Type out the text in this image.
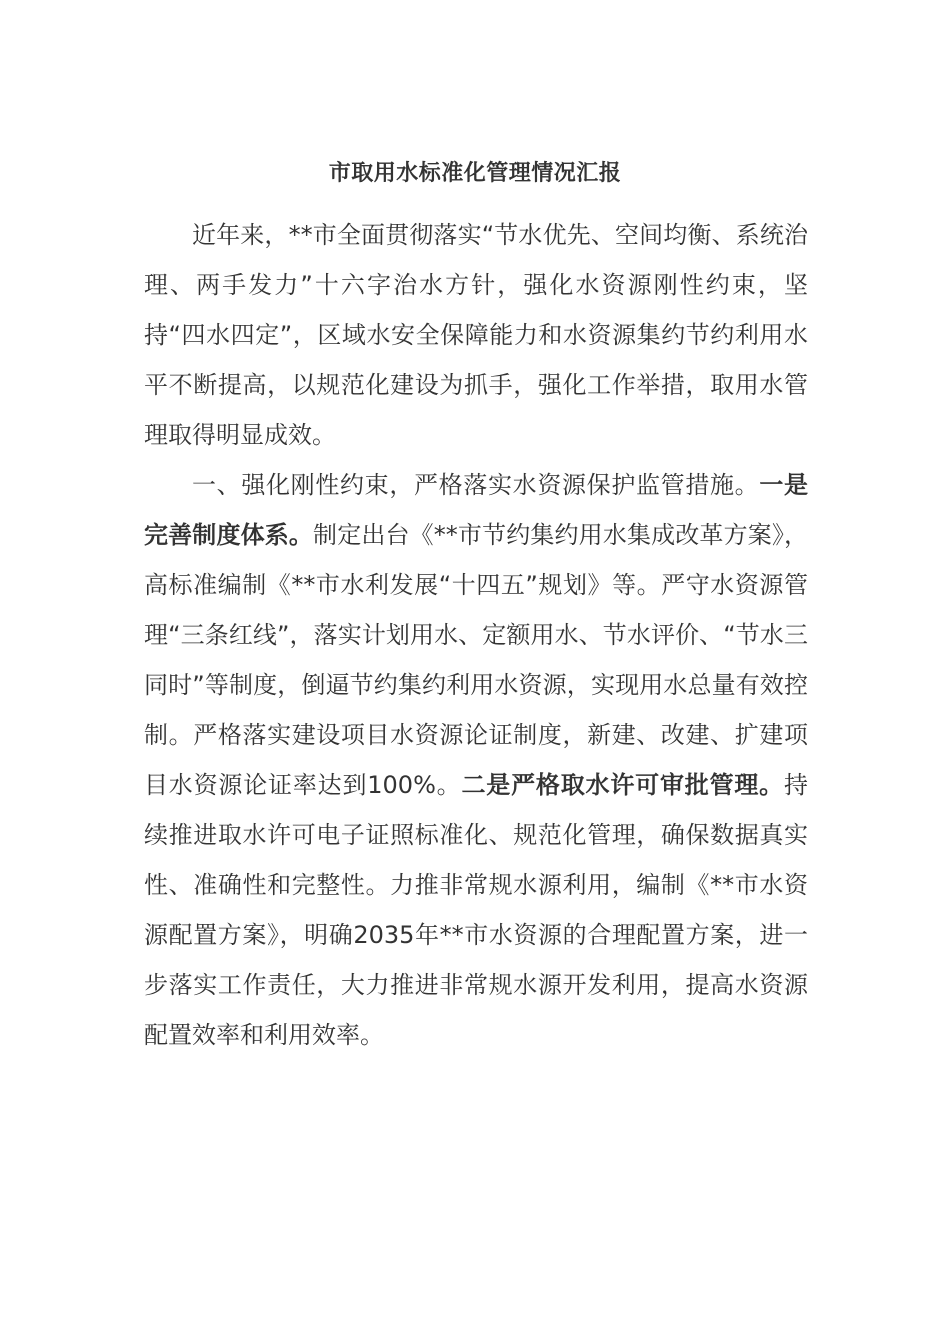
市取用水标准化管理情况汇报

近年来，**市全面贯彻落实“节水优先、空间均衡、系统治理、两手发力”十六字治水方针，强化水资源刚性约束，坚持“四水四定”，区域水安全保障能力和水资源集约节约利用水平不断提高，以规范化建设为抓手，强化工作举措，取用水管理取得明显成效。

一、强化刚性约束，严格落实水资源保护监管措施。一是完善制度体系。制定出台《**市节约集约用水集成改革方案》，高标准编制《**市水利发展“十四五”规划》等。严守水资源管理“三条红线”，落实计划用水、定额用水、节水评价、“节水三同时”等制度，倒逼节约集约利用水资源，实现用水总量有效控制。严格落实建设项目水资源论证制度，新建、改建、扩建项目水资源论证率达到100%。二是严格取水许可审批管理。持续推进取水许可电子证照标准化、规范化管理，确保数据真实性、准确性和完整性。力推非常规水源利用，编制《**市水资源配置方案》，明确2035年**市水资源的合理配置方案，进一步落实工作责任，大力推进非常规水源开发利用，提高水资源配置效率和利用效率。
